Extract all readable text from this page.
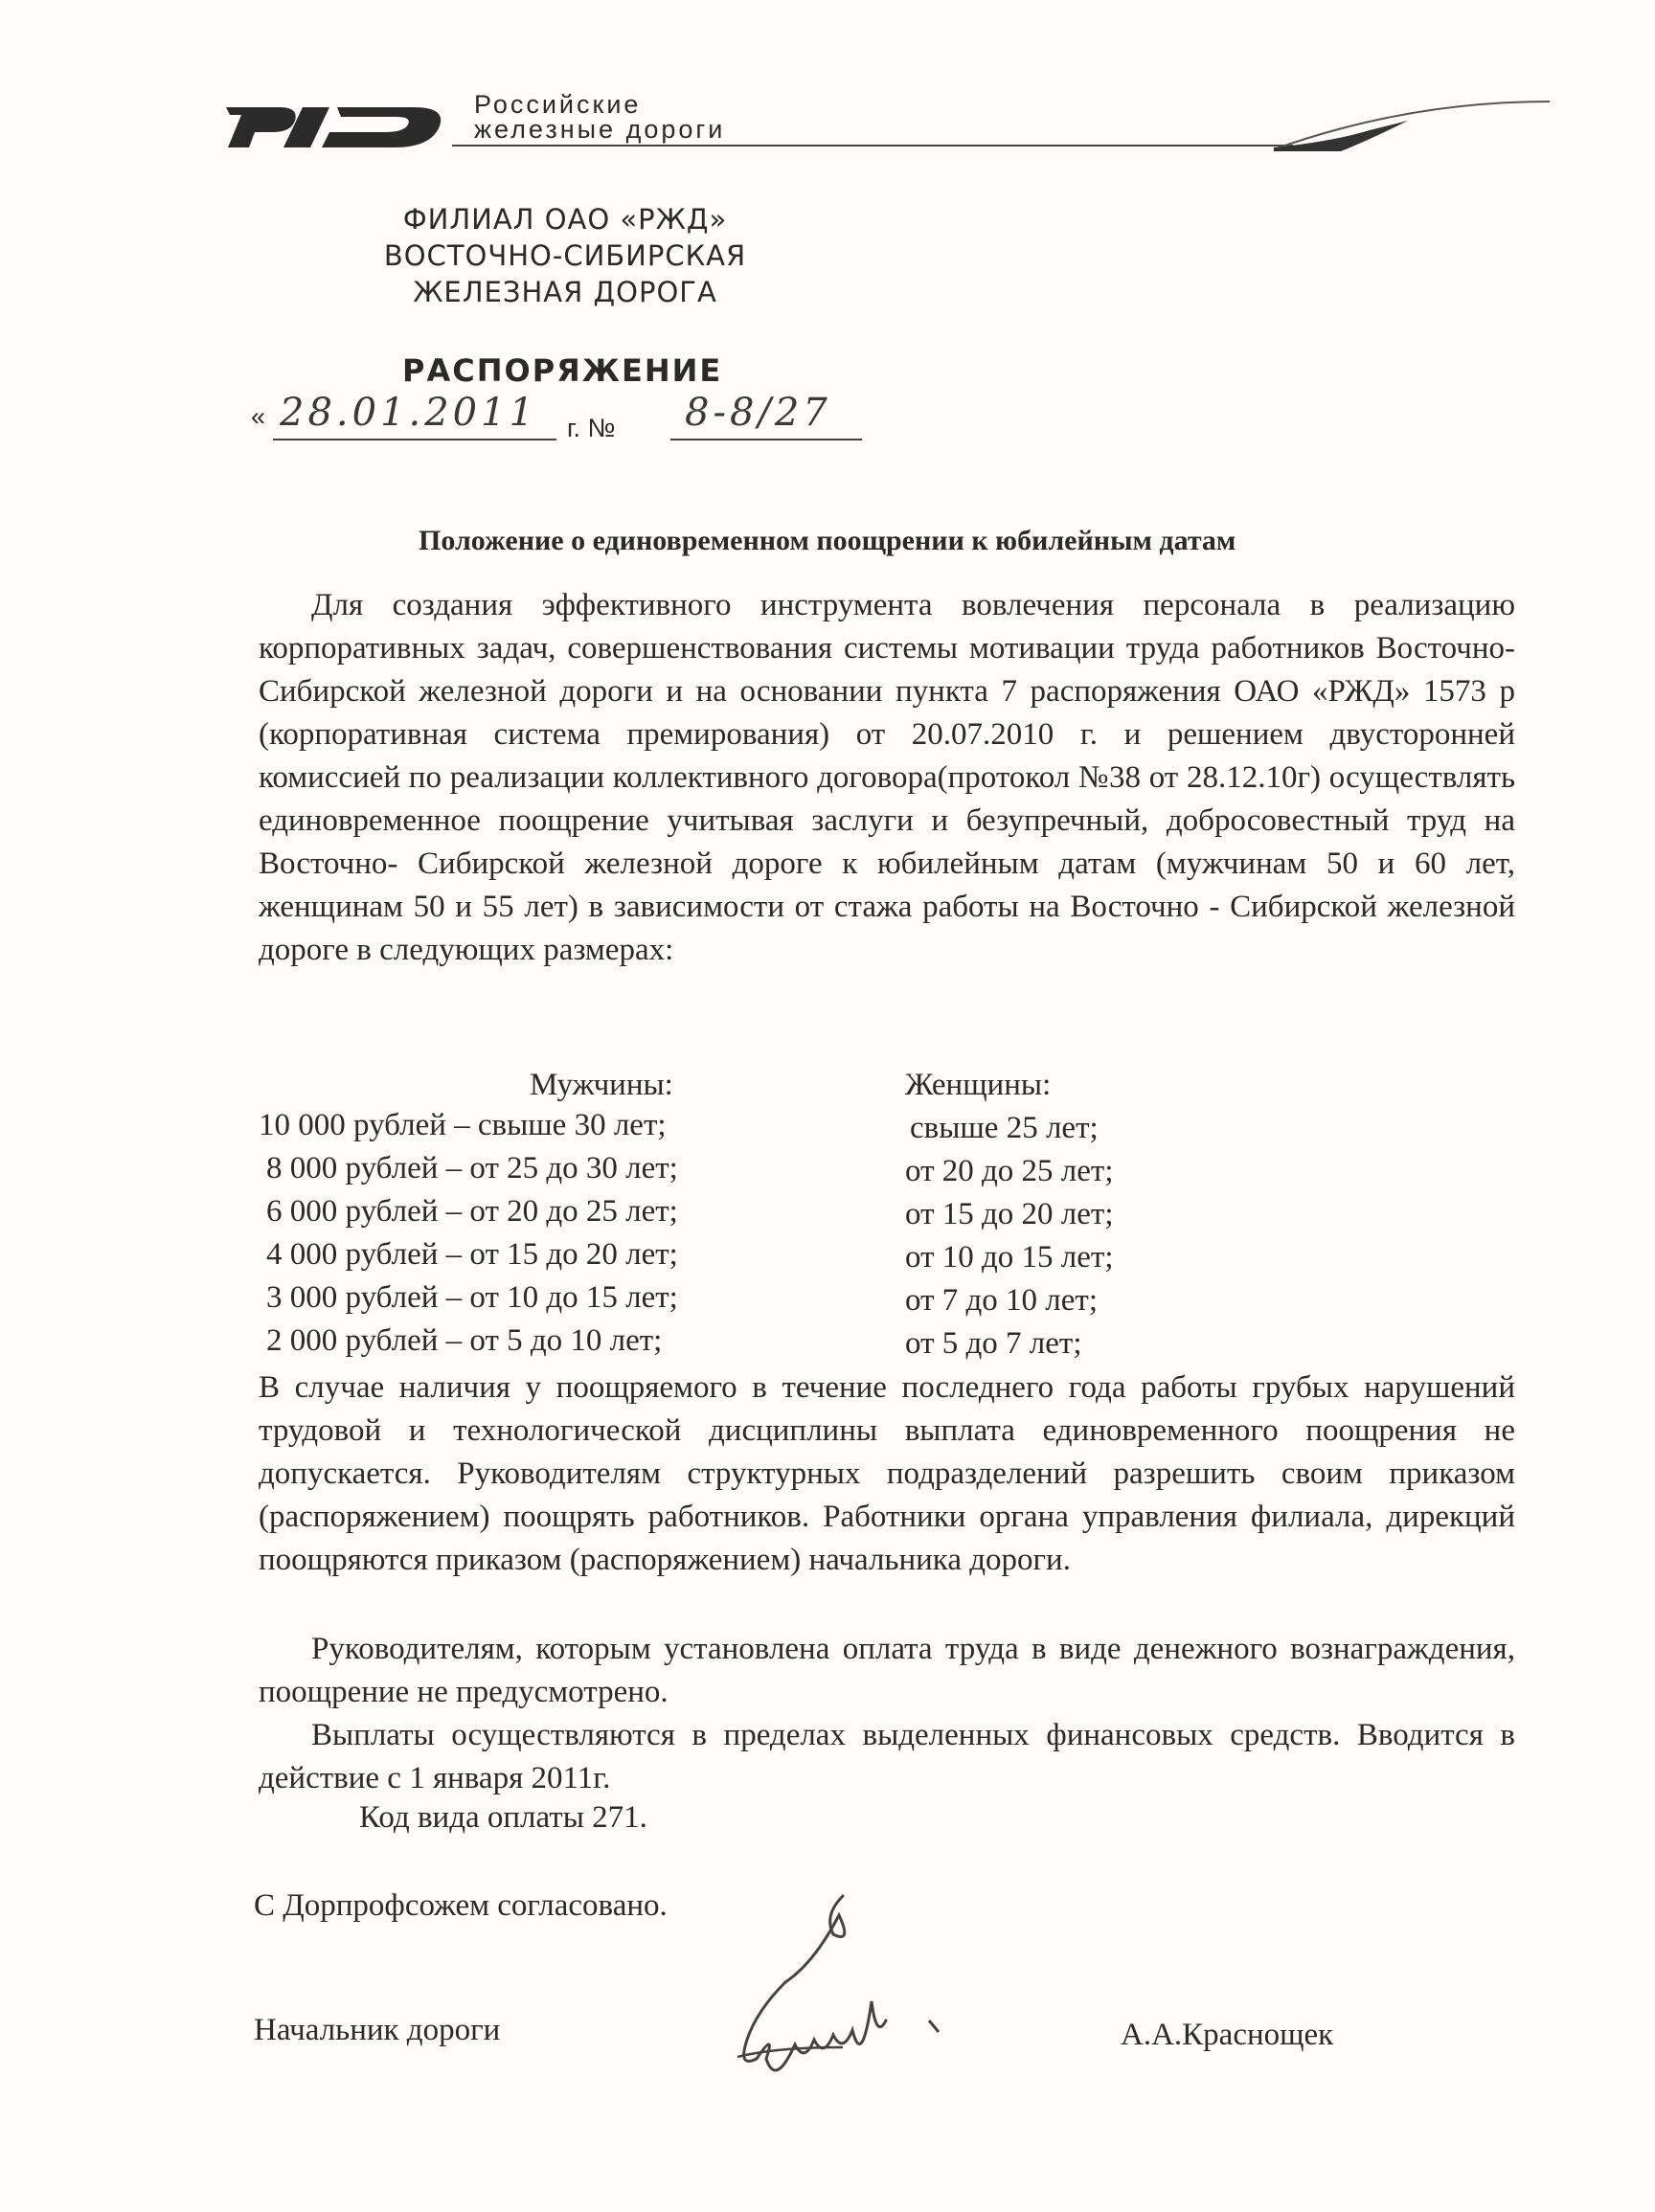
Российские
железные дороги
ФИЛИАЛ ОАО «РЖД»
ВОСТОЧНО-СИБИРСКАЯ
ЖЕЛЕЗНАЯ ДОРОГА
РАСПОРЯЖЕНИЕ
« 28.01.2011 г. № 8-8/27
Положение о единовременном поощрении к юбилейным датам

Для создания эффективного инструмента вовлечения персонала в реализацию корпоративных задач, совершенствования системы мотивации труда работников Восточно- Сибирской железной дороги и на основании пункта 7 распоряжения ОАО «РЖД» 1573 р (корпоративная система премирования) от 20.07.2010 г. и решением двусторонней комиссией по реализации коллективного договора(протокол №38 от 28.12.10г) осуществлять единовременное поощрение учитывая заслуги и безупречный, добросовестный труд на Восточно- Сибирской железной дороге к юбилейным датам (мужчинам 50 и 60 лет, женщинам 50 и 55 лет) в зависимости от стажа работы на Восточно - Сибирской железной дороге в следующих размерах:

Мужчины:	Женщины:
10 000 рублей – свыше 30 лет;	свыше 25 лет;
8 000 рублей – от 25 до 30 лет;	от 20 до 25 лет;
6 000 рублей – от 20 до 25 лет;	от 15 до 20 лет;
4 000 рублей – от 15 до 20 лет;	от 10 до 15 лет;
3 000 рублей – от 10 до 15 лет;	от 7 до 10 лет;
2 000 рублей – от 5 до 10 лет;	от 5 до 7 лет;

В случае наличия у поощряемого в течение последнего года работы грубых нарушений трудовой и технологической дисциплины выплата единовременного поощрения не допускается. Руководителям структурных подразделений разрешить своим приказом (распоряжением) поощрять работников. Работники органа управления филиала, дирекций поощряются приказом (распоряжением) начальника дороги.

Руководителям, которым установлена оплата труда в виде денежного вознаграждения, поощрение не предусмотрено.

Выплаты осуществляются в пределах выделенных финансовых средств. Вводится в действие с 1 января 2011г.

Код вида оплаты 271.
С Дорпрофсожем согласовано.
Начальник дороги	А.А.Краснощек
